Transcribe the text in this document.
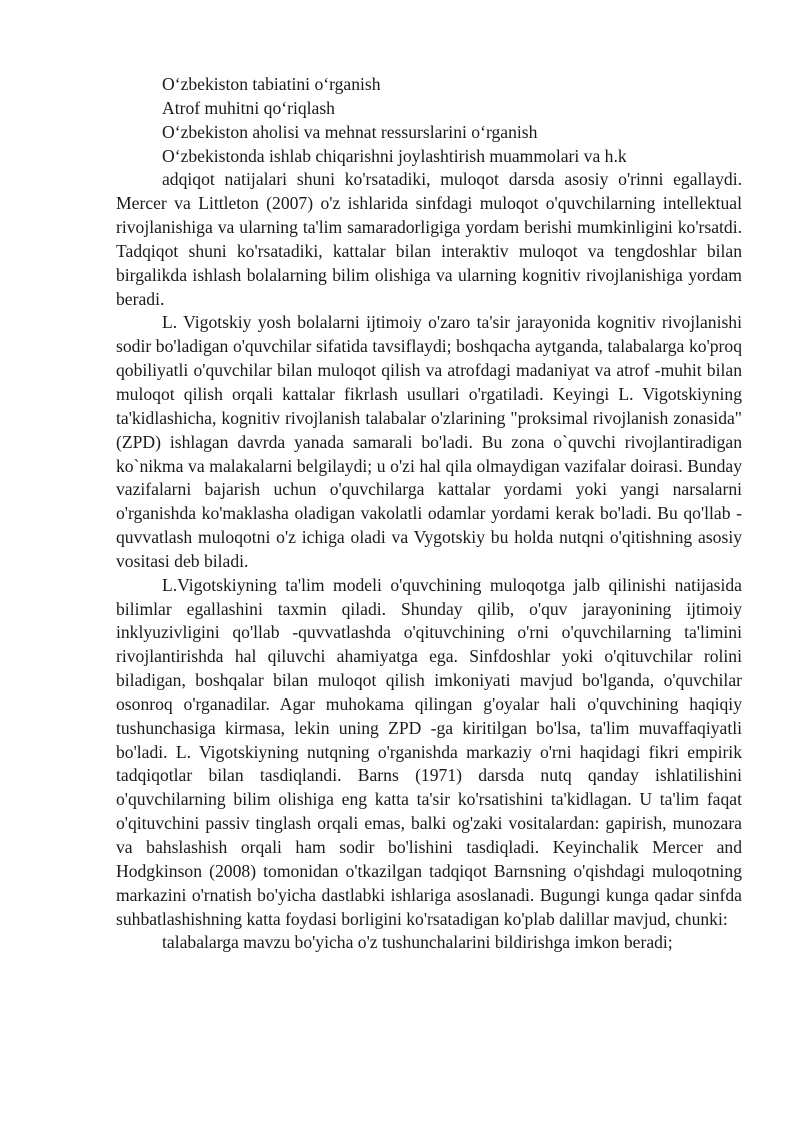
O‘zbekiston tabiatini o‘rganish

Atrof muhitni qo‘riqlash

O‘zbekiston aholisi va mehnat ressurslarini o‘rganish

O‘zbekistonda ishlab chiqarishni joylashtirish muammolari va h.k

adqiqot natijalari shuni ko'rsatadiki, muloqot darsda asosiy o'rinni egallaydi. Mercer va Littleton (2007) o'z ishlarida sinfdagi muloqot o'quvchilarning intellektual rivojlanishiga va ularning ta'lim samaradorligiga yordam berishi mumkinligini ko'rsatdi. Tadqiqot shuni ko'rsatadiki, kattalar bilan interaktiv muloqot va tengdoshlar bilan birgalikda ishlash bolalarning bilim olishiga va ularning kognitiv rivojlanishiga yordam beradi.

L. Vigotskiy yosh bolalarni ijtimoiy o'zaro ta'sir jarayonida kognitiv rivojlanishi sodir bo'ladigan o'quvchilar sifatida tavsiflaydi; boshqacha aytganda, talabalarga ko'proq qobiliyatli o'quvchilar bilan muloqot qilish va atrofdagi madaniyat va atrof -muhit bilan muloqot qilish orqali kattalar fikrlash usullari o'rgatiladi. Keyingi L. Vigotskiyning ta'kidlashicha, kognitiv rivojlanish talabalar o'zlarining "proksimal rivojlanish zonasida" (ZPD) ishlagan davrda yanada samarali bo'ladi. Bu zona o`quvchi rivojlantiradigan ko`nikma va malakalarni belgilaydi; u o'zi hal qila olmaydigan vazifalar doirasi. Bunday vazifalarni bajarish uchun o'quvchilarga kattalar yordami yoki yangi narsalarni o'rganishda ko'maklasha oladigan vakolatli odamlar yordami kerak bo'ladi. Bu qo'llab - quvvatlash muloqotni o'z ichiga oladi va Vygotskiy bu holda nutqni o'qitishning asosiy vositasi deb biladi.

L.Vigotskiyning ta'lim modeli o'quvchining muloqotga jalb qilinishi natijasida bilimlar egallashini taxmin qiladi. Shunday qilib, o'quv jarayonining ijtimoiy inklyuzivligini qo'llab -quvvatlashda o'qituvchining o'rni o'quvchilarning ta'limini rivojlantirishda hal qiluvchi ahamiyatga ega. Sinfdoshlar yoki o'qituvchilar rolini biladigan, boshqalar bilan muloqot qilish imkoniyati mavjud bo'lganda, o'quvchilar osonroq o'rganadilar. Agar muhokama qilingan g'oyalar hali o'quvchining haqiqiy tushunchasiga kirmasa, lekin uning ZPD -ga kiritilgan bo'lsa, ta'lim muvaffaqiyatli bo'ladi. L. Vigotskiyning nutqning o'rganishda markaziy o'rni haqidagi fikri empirik tadqiqotlar bilan tasdiqlandi. Barns (1971) darsda nutq qanday ishlatilishini o'quvchilarning bilim olishiga eng katta ta'sir ko'rsatishini ta'kidlagan. U ta'lim faqat o'qituvchini passiv tinglash orqali emas, balki og'zaki vositalardan: gapirish, munozara va bahslashish orqali ham sodir bo'lishini tasdiqladi. Keyinchalik Mercer and Hodgkinson (2008) tomonidan o'tkazilgan tadqiqot Barnsning o'qishdagi muloqotning markazini o'rnatish bo'yicha dastlabki ishlariga asoslanadi. Bugungi kunga qadar sinfda suhbatlashishning katta foydasi borligini ko'rsatadigan ko'plab dalillar mavjud, chunki:

talabalarga mavzu bo'yicha o'z tushunchalarini bildirishga imkon beradi;
